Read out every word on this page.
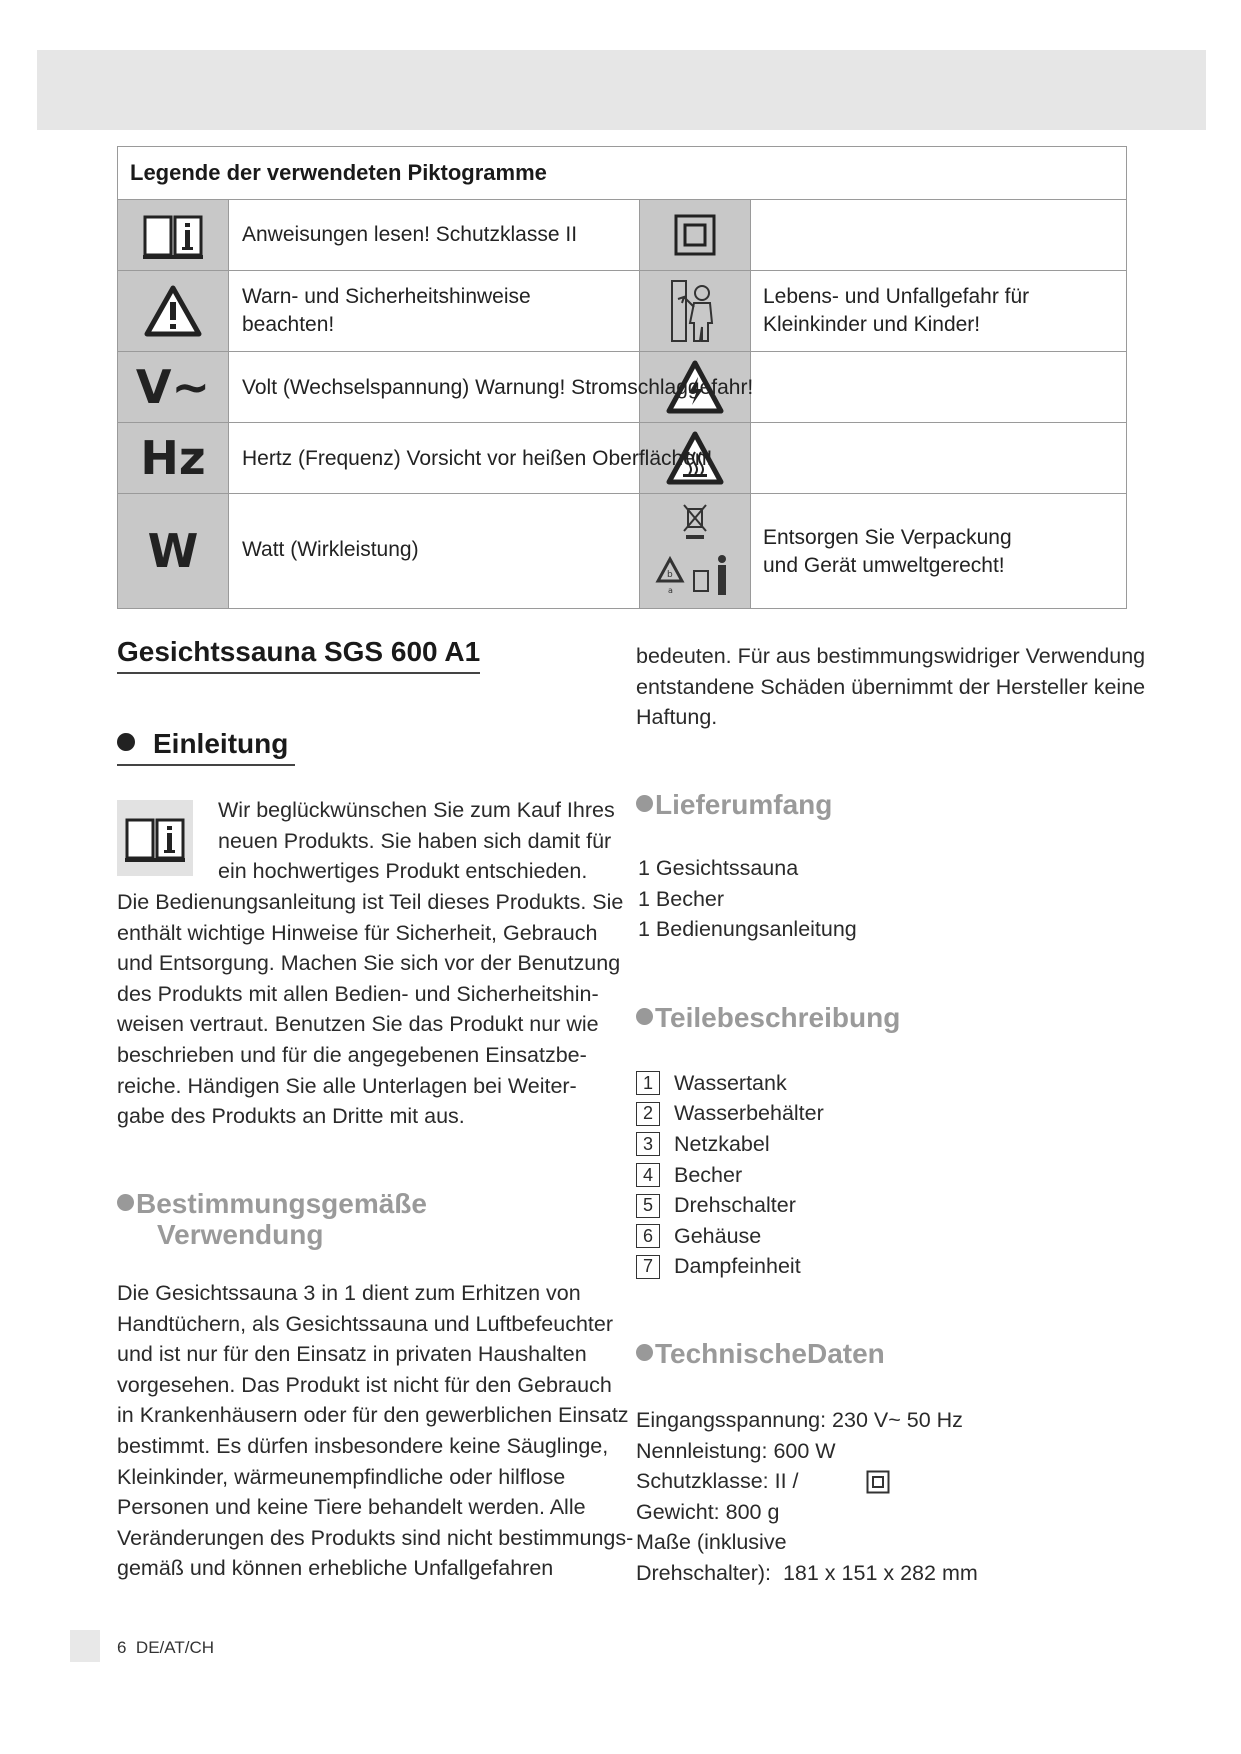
Legende der verwendeten Piktogramme
Anweisungen lesen! Schutzklasse II
Warn- und Sicherheitshinweise
beachten!
Lebens- und Unfallgefahr für
Kleinkinder und Kinder!
V~ Volt (Wechselspannung) Warnung! Stromschlaggefahr!
Hz Hertz (Frequenz) Vorsicht vor heißen Oberflächen!
W Watt (Wirkleistung)
b
a
Entsorgen Sie Verpackung
und Gerät umweltgerecht!
Gesichtssauna SGS 600 A1
Einleitung
Wir beglückwünschen Sie zum Kauf Ihres
neuen Produkts. Sie haben sich damit für
ein hochwertiges Produkt entschieden.
Die Bedienungsanleitung ist Teil dieses Produkts. Sie
enthält wichtige Hinweise für Sicherheit, Gebrauch
und Entsorgung. Machen Sie sich vor der Benutzung
des Produkts mit allen Bedien- und Sicherheitshin-
weisen vertraut. Benutzen Sie das Produkt nur wie
beschrieben und für die angegebenen Einsatzbe-
reiche. Händigen Sie alle Unterlagen bei Weiter-
gabe des Produkts an Dritte mit aus.
Bestimmungsgemäße
Verwendung
Die Gesichtssauna 3 in 1 dient zum Erhitzen von
Handtüchern, als Gesichtssauna und Luftbefeuchter
und ist nur für den Einsatz in privaten Haushalten
vorgesehen. Das Produkt ist nicht für den Gebrauch
in Krankenhäusern oder für den gewerblichen Einsatz
bestimmt. Es dürfen insbesondere keine Säuglinge,
Kleinkinder, wärmeunempfindliche oder hilflose
Personen und keine Tiere behandelt werden. Alle
Veränderungen des Produkts sind nicht bestimmungs-
gemäß und können erhebliche Unfallgefahren
bedeuten. Für aus bestimmungswidriger Verwendung
entstandene Schäden übernimmt der Hersteller keine
Haftung.
Lieferumfang
1 Gesichtssauna
1 Becher
1 Bedienungsanleitung
Teilebeschreibung
1 Wassertank
2 Wasserbehälter
3 Netzkabel
4 Becher
5 Drehschalter
6 Gehäuse
7 Dampfeinheit
TechnischeDaten
Eingangsspannung: 230 V~ 50 Hz
Nennleistung: 600 W
Schutzklasse: II /
Gewicht: 800 g
Maße (inklusive
Drehschalter):  181 x 151 x 282 mm
6 DE/AT/CH
